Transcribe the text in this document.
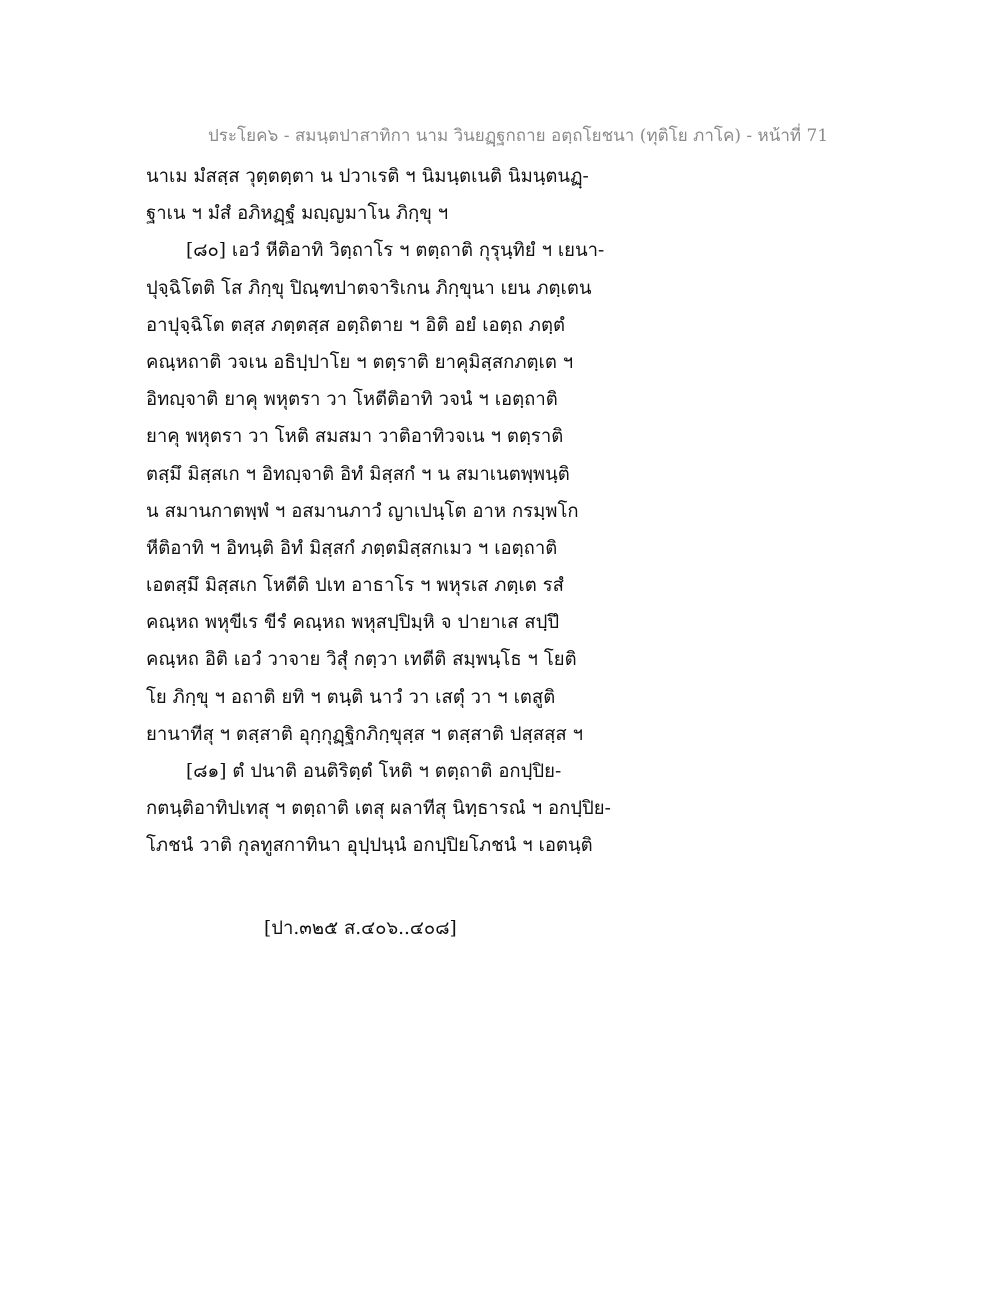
ประโยค๖ - สมนฺตปาสาทิกา นาม วินยฏฺฐกถาย อตฺถโยชนา (ทุติโย ภาโค) - หน้าที่ 71
นาเม มํสสฺส วุตฺตตฺตา น ปวาเรติ ฯ นิมนฺตเนติ นิมนฺตนฏฺ-
ฐาเน ฯ มํสํ อภิหฏฺฐํ มญฺญมาโน ภิกฺขุ ฯ
[๘๐] เอวํ หีติอาทิ วิตฺถาโร ฯ ตตฺถาติ กุรุนฺทิยํ ฯ เยนา-
ปุจฺฉิโตติ โส ภิกฺขุ ปิณฺฑปาตจาริเกน ภิกฺขุนา เยน ภตฺเตน
อาปุจฺฉิโต ตสฺส ภตฺตสฺส อตฺถิตาย ฯ อิติ อยํ เอตฺถ ภตฺตํ
คณฺหถาติ วจเน อธิปฺปาโย ฯ ตตฺราติ ยาคุมิสฺสกภตฺเต ฯ
อิทญฺจาติ ยาคุ พหุตรา วา โหตีติอาทิ วจนํ ฯ เอตฺถาติ
ยาคุ พหุตรา วา โหติ สมสมา วาติอาทิวจเน ฯ ตตฺราติ
ตสฺมึ มิสฺสเก ฯ อิทญฺจาติ อิทํ มิสฺสกํ ฯ น สมาเนตพฺพนฺติ
น สมานกาตพฺพํ ฯ อสมานภาวํ ญาเปนฺโต อาห กรมฺพโก
หีติอาทิ ฯ อิทนฺติ อิทํ มิสฺสกํ ภตฺตมิสฺสกเมว ฯ เอตฺถาติ
เอตสฺมึ มิสฺสเก โหตีติ ปเท อาธาโร ฯ พหุรเส ภตฺเต รสํ
คณฺหถ พหุขีเร ขีรํ คณฺหถ พหุสปฺปิมฺหิ จ ปายาเส สปฺปึ
คณฺหถ อิติ เอวํ วาจาย วิสุํ กตฺวา เทตีติ สมฺพนฺโธ ฯ โยติ
โย ภิกฺขุ ฯ อถาติ ยทิ ฯ ตนฺติ นาวํ วา เสตุํ วา ฯ เตสูติ
ยานาทีสุ ฯ ตสฺสาติ อุกฺกุฏฺฐิกภิกฺขุสฺส ฯ ตสฺสาติ ปสฺสสฺส ฯ
[๘๑] ตํ ปนาติ อนติริตฺตํ โหติ ฯ ตตฺถาติ อกปฺปิย-
กตนฺติอาทิปเทสุ ฯ ตตฺถาติ เตสุ ผลาทีสุ นิทฺธารณํ ฯ อกปฺปิย-
โภชนํ วาติ กุลทูสกาทินา อุปฺปนฺนํ อกปฺปิยโภชนํ ฯ เอตนฺติ
[ปา.๓๒๕ ส.๔๐๖..๔๐๘]
